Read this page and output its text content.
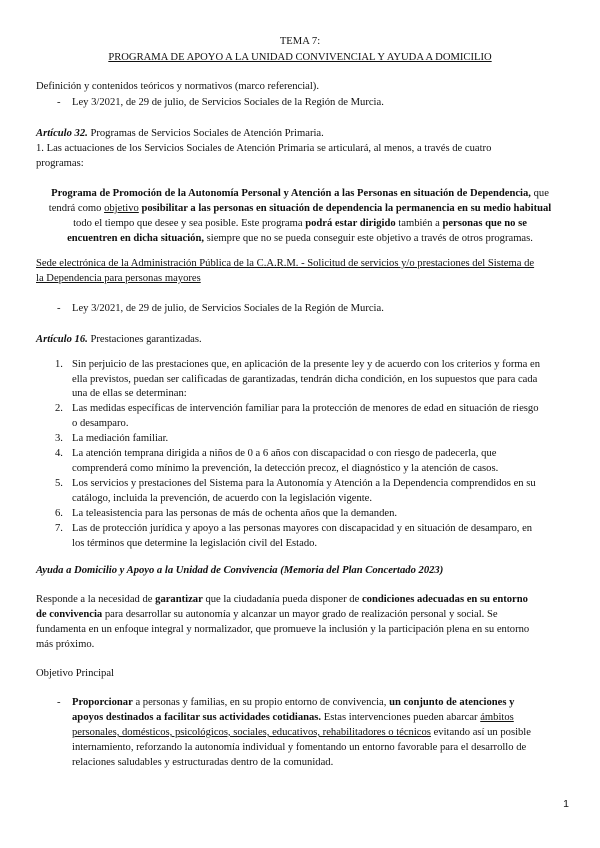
TEMA 7:
PROGRAMA DE APOYO A LA UNIDAD CONVIVENCIAL Y AYUDA A DOMICILIO
Definición y contenidos teóricos y normativos (marco referencial).
- Ley 3/2021, de 29 de julio, de Servicios Sociales de la Región de Murcia.
Artículo 32. Programas de Servicios Sociales de Atención Primaria.
1. Las actuaciones de los Servicios Sociales de Atención Primaria se articulará, al menos, a través de cuatro
programas:
Programa de Promoción de la Autonomía Personal y Atención a las Personas en situación de Dependencia, que
tendrá como objetivo posibilitar a las personas en situación de dependencia la permanencia en su medio habitual
todo el tiempo que desee y sea posible. Este programa podrá estar dirigido también a personas que no se
encuentren en dicha situación, siempre que no se pueda conseguir este objetivo a través de otros programas.
Sede electrónica de la Administración Pública de la C.A.R.M. - Solicitud de servicios y/o prestaciones del Sistema de
la Dependencia para personas mayores
- Ley 3/2021, de 29 de julio, de Servicios Sociales de la Región de Murcia.
Artículo 16. Prestaciones garantizadas.
1. Sin perjuicio de las prestaciones que, en aplicación de la presente ley y de acuerdo con los criterios y forma en
ella previstos, puedan ser calificadas de garantizadas, tendrán dicha condición, en los supuestos que para cada
una de ellas se determinan:
2. Las medidas específicas de intervención familiar para la protección de menores de edad en situación de riesgo
o desamparo.
3. La mediación familiar.
4. La atención temprana dirigida a niños de 0 a 6 años con discapacidad o con riesgo de padecerla, que
comprenderá como mínimo la prevención, la detección precoz, el diagnóstico y la atención de casos.
5. Los servicios y prestaciones del Sistema para la Autonomía y Atención a la Dependencia comprendidos en su
catálogo, incluida la prevención, de acuerdo con la legislación vigente.
6. La teleasistencia para las personas de más de ochenta años que la demanden.
7. Las de protección jurídica y apoyo a las personas mayores con discapacidad y en situación de desamparo, en
los términos que determine la legislación civil del Estado.
Ayuda a Domicilio y Apoyo a la Unidad de Convivencia (Memoria del Plan Concertado 2023)
Responde a la necesidad de garantizar que la ciudadanía pueda disponer de condiciones adecuadas en su entorno
de convivencia para desarrollar su autonomía y alcanzar un mayor grado de realización personal y social. Se
fundamenta en un enfoque integral y normalizador, que promueve la inclusión y la participación plena en su entorno
más próximo.
Objetivo Principal
- Proporcionar a personas y familias, en su propio entorno de convivencia, un conjunto de atenciones y
apoyos destinados a facilitar sus actividades cotidianas. Estas intervenciones pueden abarcar ámbitos
personales, domésticos, psicológicos, sociales, educativos, rehabilitadores o técnicos evitando así un posible
internamiento, reforzando la autonomía individual y fomentando un entorno favorable para el desarrollo de
relaciones saludables y estructuradas dentro de la comunidad.
1
